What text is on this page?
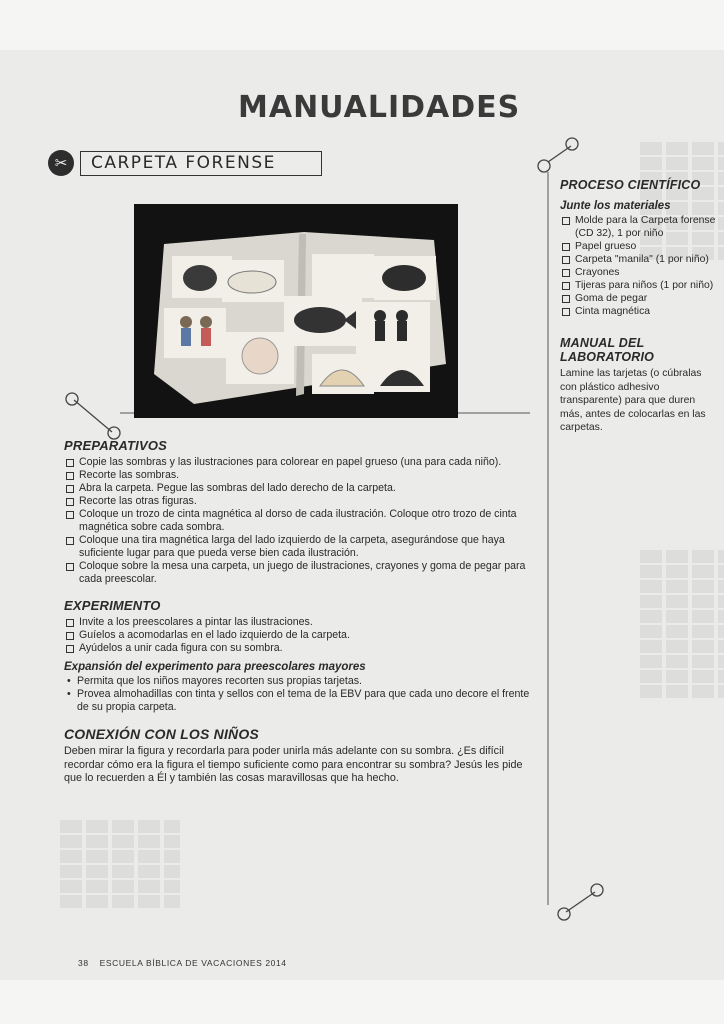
MANUALIDADES
✂	CARPETA FORENSE
PREPARATIVOS
Copie las sombras y las ilustraciones para colorear en papel grueso (una para cada niño).
Recorte las sombras.
Abra la carpeta. Pegue las sombras del lado derecho de la carpeta.
Recorte las otras figuras.
Coloque un trozo de cinta magnética al dorso de cada ilustración. Coloque otro trozo de cinta magnética sobre cada sombra.
Coloque una tira magnética larga del lado izquierdo de la carpeta, asegurándose que haya suficiente lugar para que pueda verse bien cada ilustración.
Coloque sobre la mesa una carpeta, un juego de ilustraciones, crayones y goma de pegar para cada preescolar.
EXPERIMENTO
Invite a los preescolares a pintar las ilustraciones.
Guíelos a acomodarlas en el lado izquierdo de la carpeta.
Ayúdelos a unir cada figura con su sombra.
Expansión del experimento para preescolares mayores
• Permita que los niños mayores recorten sus propias tarjetas.
• Provea almohadillas con tinta y sellos con el tema de la EBV para que cada uno decore el frente de su propia carpeta.
CONEXIÓN CON LOS NIÑOS

Deben mirar la figura y recordarla para poder unirla más adelante con su sombra. ¿Es difícil recordar cómo era la figura el tiempo suficiente como para encontrar su sombra? Jesús les pide que lo recuerden a Él y también las cosas maravillosas que ha hecho.

PROCESO CIENTÍFICO
Junte los materiales
Molde para la Carpeta forense (CD 32), 1 por niño
Papel grueso
Carpeta "manila" (1 por niño)
Crayones
Tijeras para niños (1 por niño)
Goma de pegar
Cinta magnética
MANUAL DEL LABORATORIO

Lamine las tarjetas (o cúbralas con plástico adhesivo transparente) para que duren más, antes de colocarlas en las carpetas.

38 ESCUELA BÍBLICA DE VACACIONES 2014
